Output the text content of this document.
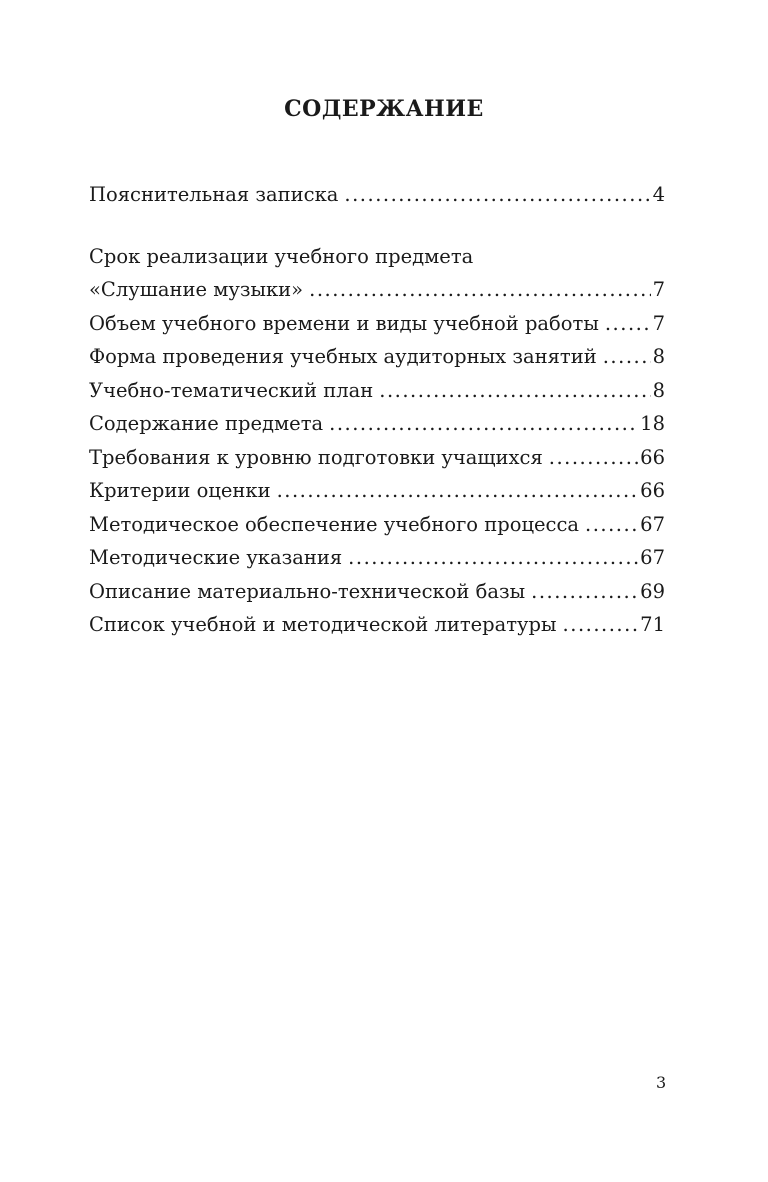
СОДЕРЖАНИЕ
Пояснительная записка .....	4
Срок реализации учебного предмета
«Слушание музыки» .....	7
Объем учебного времени и виды учебной работы .....	7
Форма проведения учебных аудиторных занятий .....	8
Учебно-тематический план .....	8
Содержание предмета .....	18
Требования к уровню подготовки учащихся .....	66
Критерии оценки .....	66
Методическое обеспечение учебного процесса .....	67
Методические указания .....	67
Описание материально-технической базы .....	69
Список учебной и методической литературы .....	71

3
